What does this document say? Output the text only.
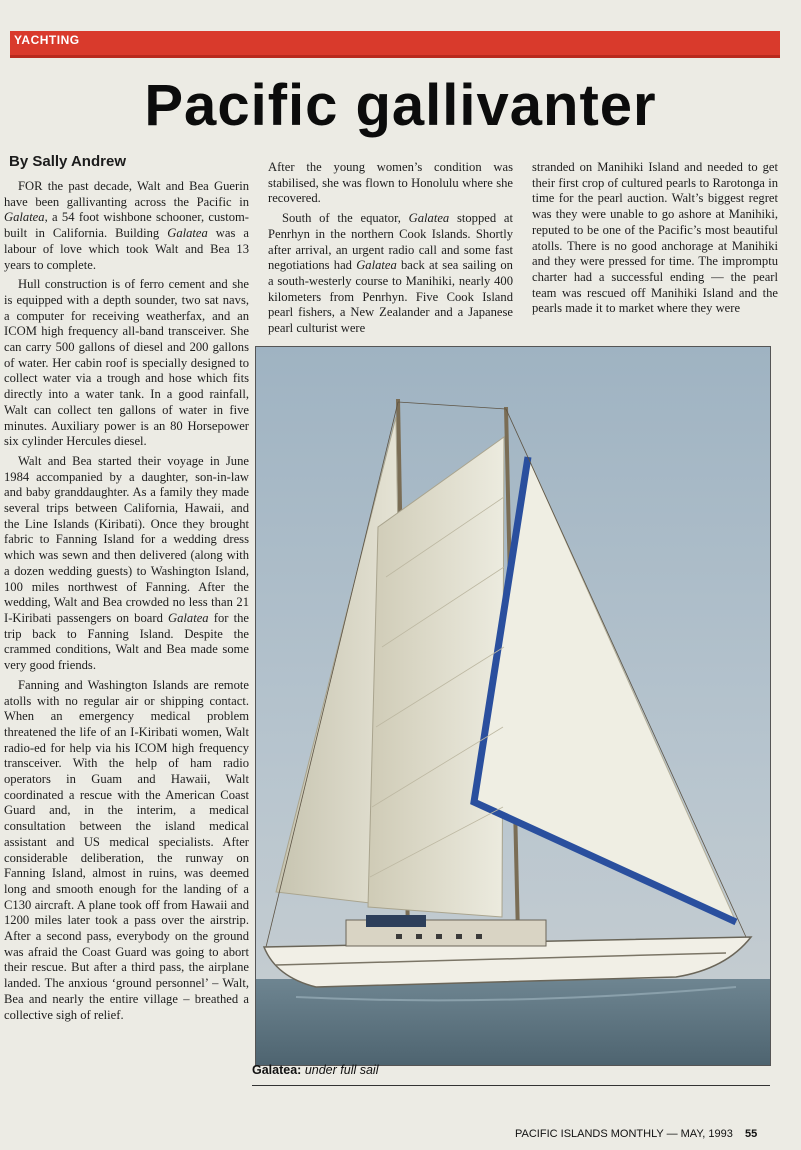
YACHTING
Pacific gallivanter
By Sally Andrew

FOR the past decade, Walt and Bea Guerin have been gallivanting across the Pacific in Galatea, a 54 foot wishbone schooner, custom-built in California. Building Galatea was a labour of love which took Walt and Bea 13 years to complete.

Hull construction is of ferro cement and she is equipped with a depth sounder, two sat navs, a computer for receiving weatherfax, and an ICOM high frequency all-band transceiver. She can carry 500 gallons of diesel and 200 gallons of water. Her cabin roof is specially designed to collect water via a trough and hose which fits directly into a water tank. In a good rainfall, Walt can collect ten gallons of water in five minutes. Auxiliary power is an 80 Horsepower six cylinder Hercules diesel.

Walt and Bea started their voyage in June 1984 accompanied by a daughter, son-in-law and baby granddaughter. As a family they made several trips between California, Hawaii, and the Line Islands (Kiribati). Once they brought fabric to Fanning Island for a wedding dress which was sewn and then delivered (along with a dozen wedding guests) to Washington Island, 100 miles northwest of Fanning. After the wedding, Walt and Bea crowded no less than 21 I-Kiribati passengers on board Galatea for the trip back to Fanning Island. Despite the crammed conditions, Walt and Bea made some very good friends.

Fanning and Washington Islands are remote atolls with no regular air or shipping contact. When an emergency medical problem threatened the life of an I-Kiribati women, Walt radio-ed for help via his ICOM high frequency transceiver. With the help of ham radio operators in Guam and Hawaii, Walt coordinated a rescue with the American Coast Guard and, in the interim, a medical consultation between the island medical assistant and US medical specialists. After considerable deliberation, the runway on Fanning Island, almost in ruins, was deemed long and smooth enough for the landing of a C130 aircraft. A plane took off from Hawaii and 1200 miles later took a pass over the airstrip. After a second pass, everybody on the ground was afraid the Coast Guard was going to abort their rescue. But after a third pass, the airplane landed. The anxious ‘ground personnel’ – Walt, Bea and nearly the entire village – breathed a collective sigh of relief.

After the young women’s condition was stabilised, she was flown to Honolulu where she recovered.

South of the equator, Galatea stopped at Penrhyn in the northern Cook Islands. Shortly after arrival, an urgent radio call and some fast negotiations had Galatea back at sea sailing on a south-westerly course to Manihiki, nearly 400 kilometers from Penrhyn. Five Cook Island pearl fishers, a New Zealander and a Japanese pearl culturist were

stranded on Manihiki Island and needed to get their first crop of cultured pearls to Rarotonga in time for the pearl auction. Walt’s biggest regret was they were unable to go ashore at Manihiki, reputed to be one of the Pacific’s most beautiful atolls. There is no good anchorage at Manihiki and they were pressed for time. The impromptu charter had a successful ending — the pearl team was rescued off Manihiki Island and the pearls made it to market where they were

Galatea: under full sail
PACIFIC ISLANDS MONTHLY — MAY, 1993 55
